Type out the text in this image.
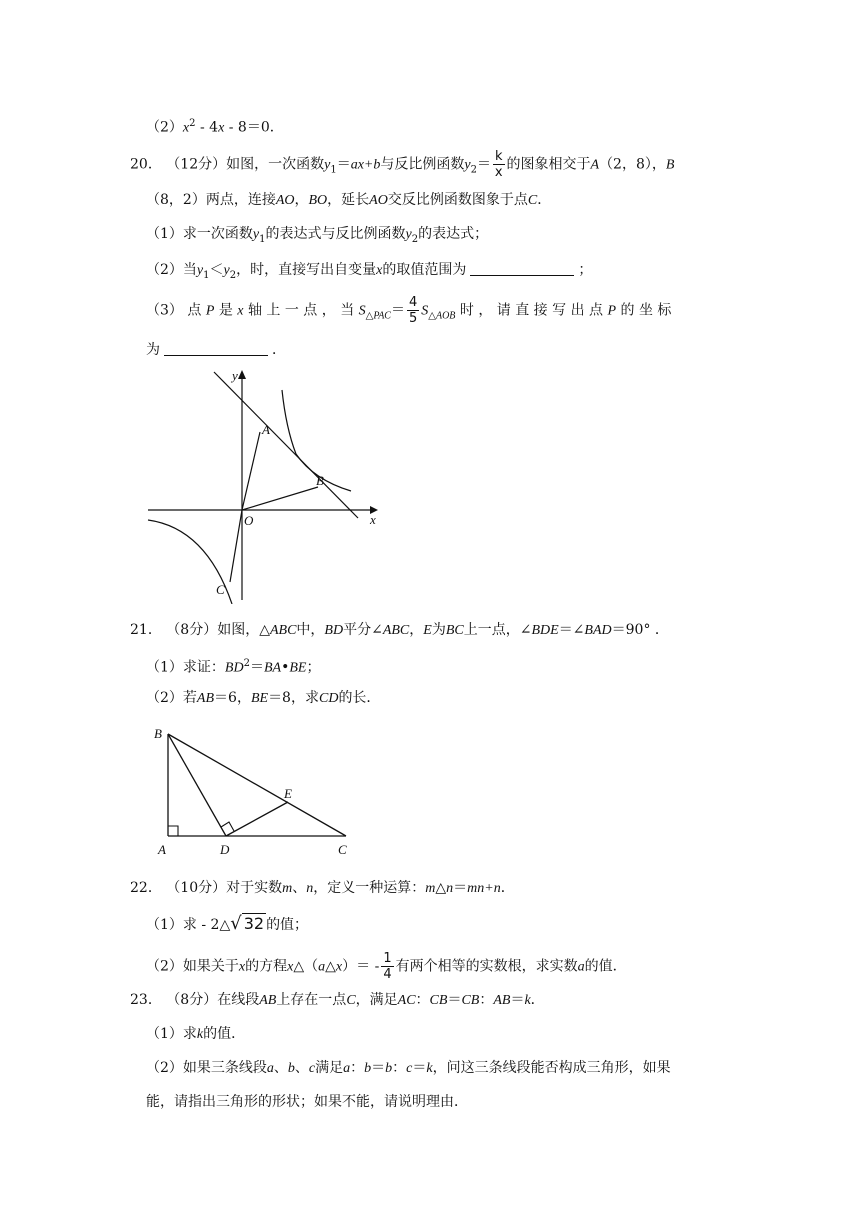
$(2)x^2 - 4x - 8=0$．
20． （12分）如图，一次函数$y_1=ax+b$与反比例函数$y_2= \frac{k}{x}$ 的图象相交于A（2，8），B
（8，2）两点，连接AO，BO，延长AO交反比例函数图象于点C．
（1）求一次函数$y_1$的表达式与反比例函数$y_2$的表达式；
（2）当$y_1<y_2$，时，直接写出自变量x的取值范围为	；
（3） 点 P 是 x 轴 上 一 点 ， 当 $S_{\triangle PAC}= \frac{4}{5} S_{\triangle AOB}$ 时 ， 请 直 接 写 出 点 P 的 坐 标
为	．
y
x
O
A
B
C
21． （8分）如图，△ABC中，BD平分∠ABC，E为BC上一点，∠BDE＝∠BAD＝90° ．
（1）求证：$BD^2=BA•BE$；
（2）若AB＝6，BE＝8，求CD的长．
B
A	D
E
C
22． （10分）对于实数m、n，定义一种运算：m△n＝mn+n．
（1）求 - 2△√ 32 的值；
（2）如果关于x的方程x△（a△x）＝ - $\frac{1}{4}$ 有两个相等的实数根，求实数a的值．
23． （8分）在线段AB上存在一点C，满足AC：CB＝CB：AB＝k．
（1）求k的值．
（2）如果三条线段a、b、c满足a：b＝b：c＝k，问这三条线段能否构成三角形，如果
能，请指出三角形的形状；如果不能，请说明理由．
